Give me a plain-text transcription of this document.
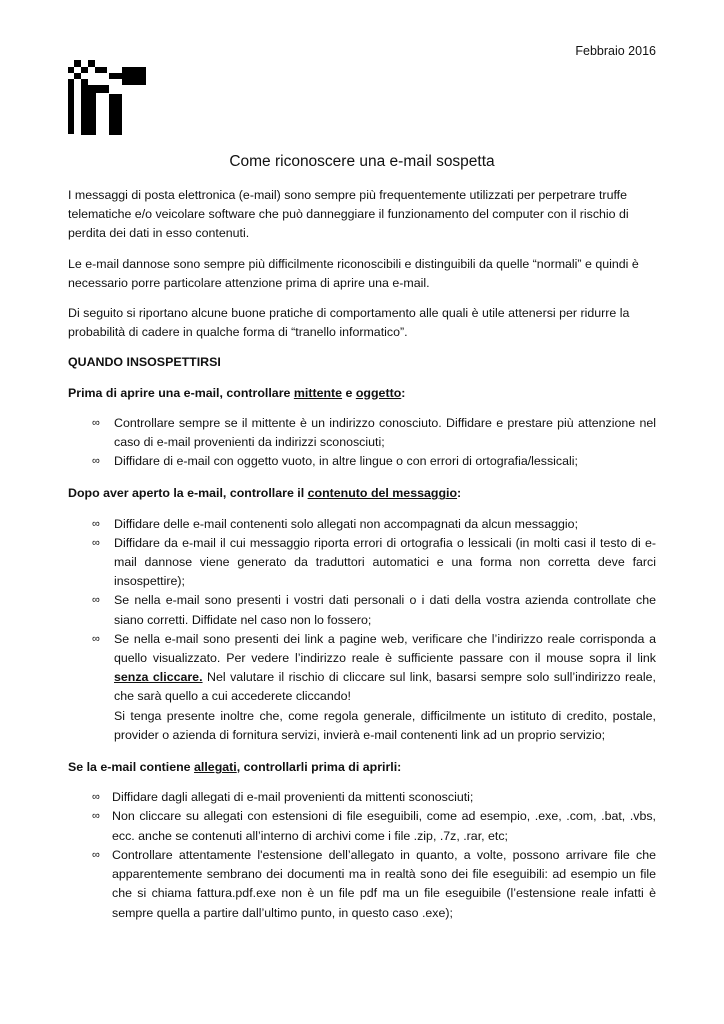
Febbraio 2016
Come riconoscere una e-mail sospetta

I messaggi di posta elettronica (e-mail) sono sempre più frequentemente utilizzati per perpetrare truffe telematiche e/o veicolare software che può danneggiare il funzionamento del computer con il rischio di perdita dei dati in esso contenuti.

Le e-mail dannose sono sempre più difficilmente riconoscibili e distinguibili da quelle “normali” e quindi è necessario porre particolare attenzione prima di aprire una e-mail.

Di seguito si riportano alcune buone pratiche di comportamento alle quali è utile attenersi per ridurre la probabilità di cadere in qualche forma di “tranello informatico”.

QUANDO INSOSPETTIRSI
Prima di aprire una e-mail, controllare mittente e oggetto:
∞ Controllare sempre se il mittente è un indirizzo conosciuto. Diffidare e prestare più attenzione nel caso di e-mail provenienti da indirizzi sconosciuti;
∞ Diffidare di e-mail con oggetto vuoto, in altre lingue o con errori di ortografia/lessicali;
Dopo aver aperto la e-mail, controllare il contenuto del messaggio:
∞ Diffidare delle e-mail contenenti solo allegati non accompagnati da alcun messaggio;
∞ Diffidare da e-mail il cui messaggio riporta errori di ortografia o lessicali (in molti casi il testo di e-mail dannose viene generato da traduttori automatici e una forma non corretta deve farci insospettire);
∞ Se nella e-mail sono presenti i vostri dati personali o i dati della vostra azienda controllate che siano corretti. Diffidate nel caso non lo fossero;
∞ Se nella e-mail sono presenti dei link a pagine web, verificare che l’indirizzo reale corrisponda a quello visualizzato. Per vedere l’indirizzo reale è sufficiente passare con il mouse sopra il link senza cliccare. Nel valutare il rischio di cliccare sul link, basarsi sempre solo sull’indirizzo reale, che sarà quello a cui accederete cliccando!
Si tenga presente inoltre che, come regola generale, difficilmente un istituto di credito, postale, provider o azienda di fornitura servizi, invierà e-mail contenenti link ad un proprio servizio;
Se la e-mail contiene allegati, controllarli prima di aprirli:
∞ Diffidare dagli allegati di e-mail provenienti da mittenti sconosciuti;
∞ Non cliccare su allegati con estensioni di file eseguibili, come ad esempio, .exe, .com, .bat, .vbs, ecc. anche se contenuti all’interno di archivi come i file .zip, .7z, .rar, etc;
∞ Controllare attentamente l'estensione dell’allegato in quanto, a volte, possono arrivare file che apparentemente sembrano dei documenti ma in realtà sono dei file eseguibili: ad esempio un file che si chiama fattura.pdf.exe non è un file pdf ma un file eseguibile (l’estensione reale infatti è sempre quella a partire dall’ultimo punto, in questo caso .exe);
